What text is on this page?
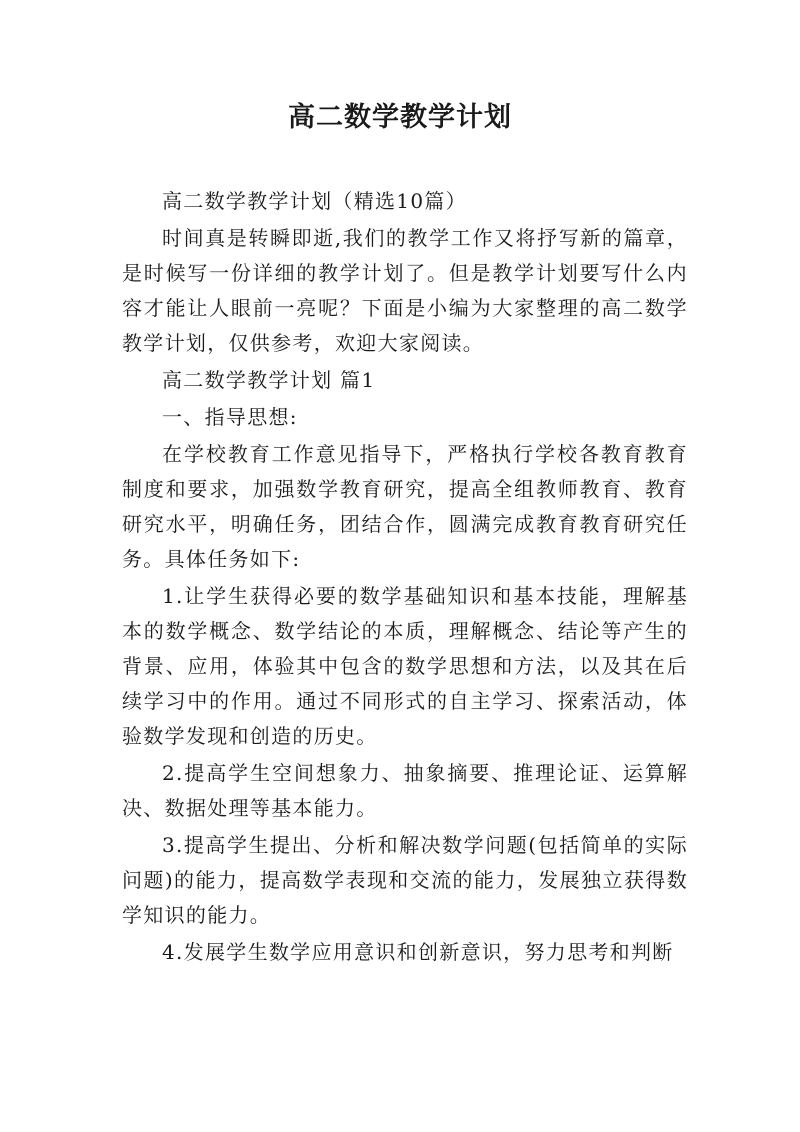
高二数学教学计划

高二数学教学计划（精选10篇）

时间真是转瞬即逝,我们的教学工作又将抒写新的篇章，是时候写一份详细的教学计划了。但是教学计划要写什么内容才能让人眼前一亮呢？下面是小编为大家整理的高二数学教学计划，仅供参考，欢迎大家阅读。

高二数学教学计划 篇1

一、指导思想:

在学校教育工作意见指导下，严格执行学校各教育教育制度和要求，加强数学教育研究，提高全组教师教育、教育研究水平，明确任务，团结合作，圆满完成教育教育研究任务。具体任务如下:

1.让学生获得必要的数学基础知识和基本技能，理解基本的数学概念、数学结论的本质，理解概念、结论等产生的背景、应用，体验其中包含的数学思想和方法，以及其在后续学习中的作用。通过不同形式的自主学习、探索活动，体验数学发现和创造的历史。

2.提高学生空间想象力、抽象摘要、推理论证、运算解决、数据处理等基本能力。

3.提高学生提出、分析和解决数学问题(包括简单的实际问题)的能力，提高数学表现和交流的能力，发展独立获得数学知识的能力。

4.发展学生数学应用意识和创新意识，努力思考和判断
